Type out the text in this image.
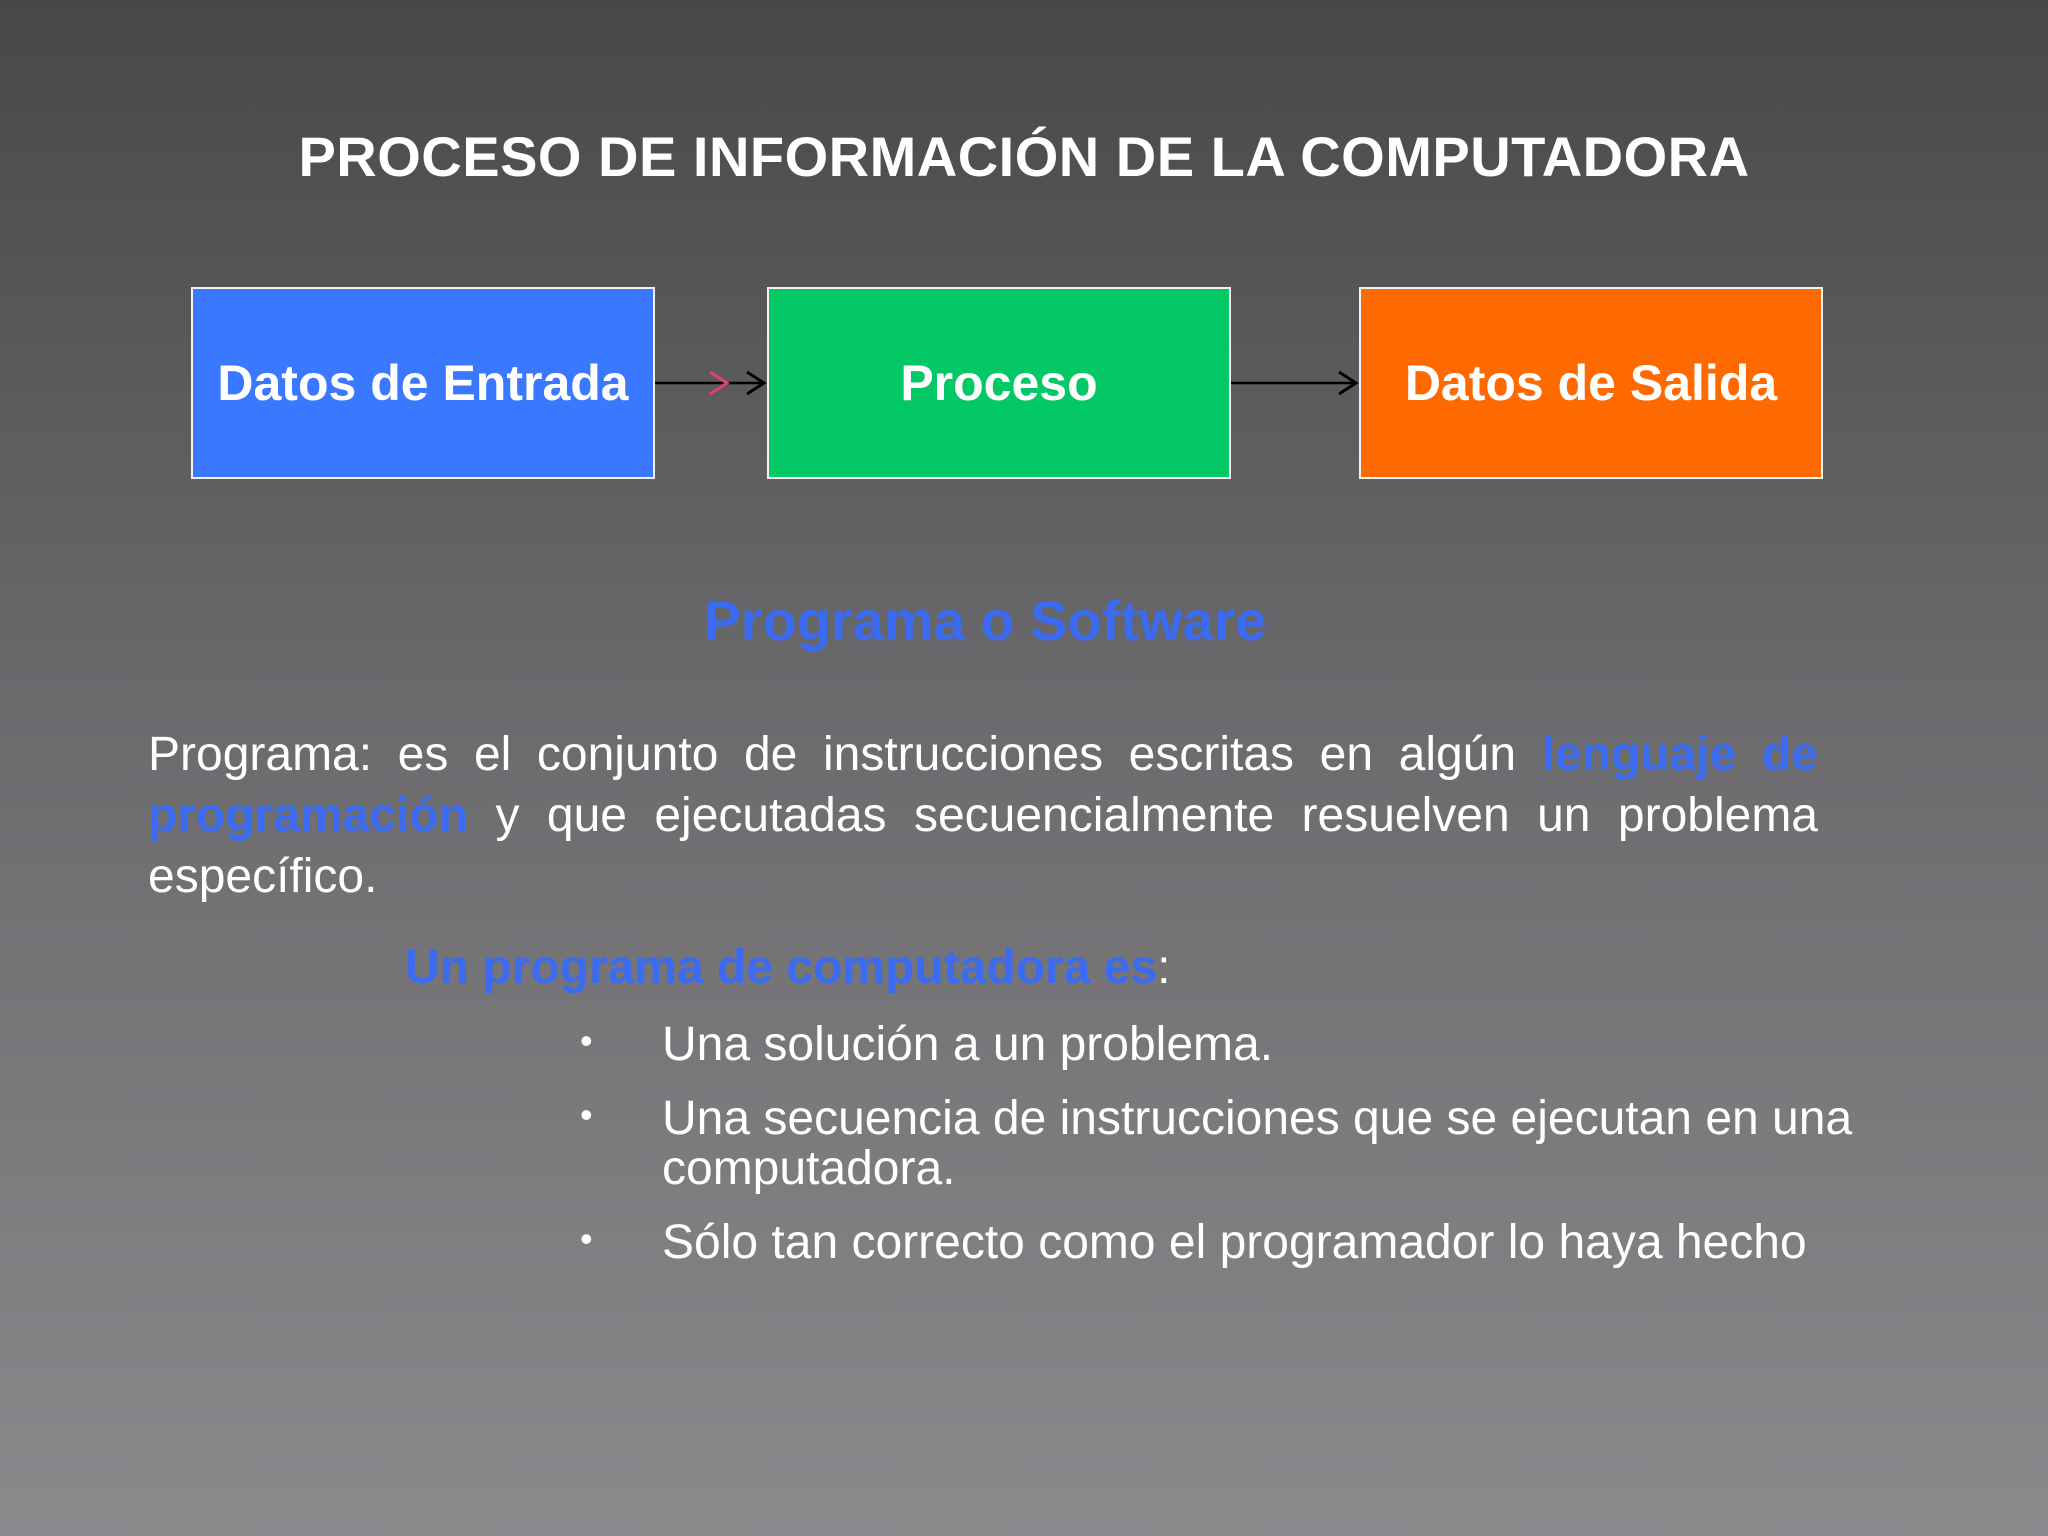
PROCESO DE INFORMACIÓN DE LA COMPUTADORA
Datos de Entrada	Proceso	Datos de Salida
Programa o Software
Programa: es el conjunto de instrucciones escritas en algún lenguaje de programación y que ejecutadas secuencialmente resuelven un problema específico.
Un programa de computadora es:
• Una solución a un problema.
• Una secuencia de instrucciones que se ejecutan en una computadora.
• Sólo tan correcto como el programador lo haya hecho
